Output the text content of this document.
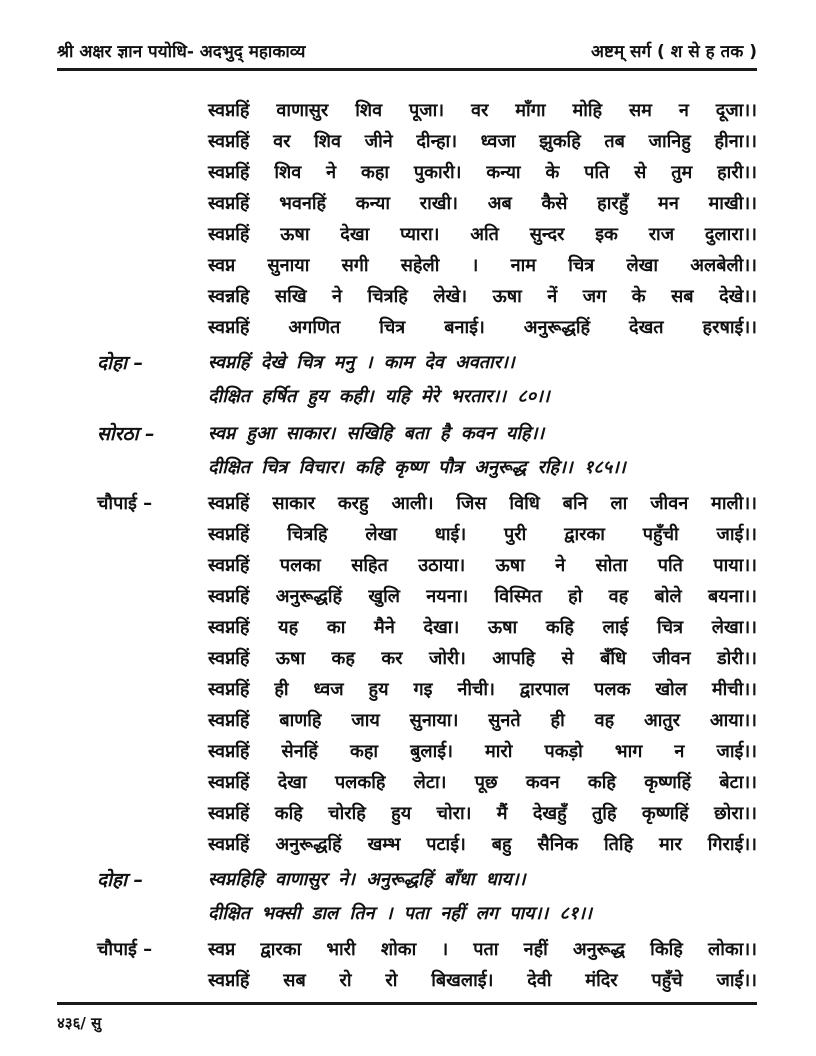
श्री अक्षर ज्ञान पयोधि- अदभुद् महाकाव्य	अष्टम् सर्ग ( श से ह तक )
स्वप्नहिं वाणासुर शिव पूजा। वर माँगा मोहि सम न दूजा।।
स्वप्नहिं वर शिव जीने दीन्हा। ध्वजा झुकहि तब जानिहु हीना।।
स्वप्नहिं शिव ने कहा पुकारी। कन्या के पति से तुम हारी।।
स्वप्नहिं भवनहिं कन्या राखी। अब कैसे हारहुँ मन माखी।।
स्वप्नहिं ऊषा देखा प्यारा। अति सुन्दर इक राज दुलारा।।
स्वप्न सुनाया सगी सहेली । नाम चित्र लेखा अलबेली।।
स्वन्नहि सखि ने चित्रहि लेखे। ऊषा नें जग के सब देखे।।
स्वप्नहिं अगणित चित्र बनाई। अनुरूद्धहिं देखत हरषाई।।
दोहा –	स्वप्नहिं देखे चित्र मनु । काम देव अवतार।।
दीक्षित हर्षित हुय कही। यहि मेरे भरतार।। ८०।।
सोरठा –	स्वप्न हुआ साकार। सखिहि बता है कवन यहि।।
दीक्षित चित्र विचार। कहि कृष्ण पौत्र अनुरूद्ध रहि।। १८५।।
चौपाई –	स्वप्नहिं साकार करहु आली। जिस विधि बनि ला जीवन माली।।
स्वप्नहिं चित्रहि लेखा धाई। पुरी द्वारका पहुँची जाई।।
स्वप्नहिं पलका सहित उठाया। ऊषा ने सोता पति पाया।।
स्वप्नहिं अनुरूद्धहिं खुलि नयना। विस्मित हो वह बोले बयना।।
स्वप्नहिं यह का मैने देखा। ऊषा कहि लाई चित्र लेखा।।
स्वप्नहिं ऊषा कह कर जोरी। आपहि से बँधि जीवन डोरी।।
स्वप्नहिं ही ध्वज हुय गइ नीची। द्वारपाल पलक खोल मीची।।
स्वप्नहिं बाणहि जाय सुनाया। सुनते ही वह आतुर आया।।
स्वप्नहिं सेनहिं कहा बुलाई। मारो पकड़ो भाग न जाई।।
स्वप्नहिं देखा पलकहि लेटा। पूछ कवन कहि कृष्णहिं बेटा।।
स्वप्नहिं कहि चोरहि हुय चोरा। मैं देखहुँ तुहि कृष्णहिं छोरा।।
स्वप्नहिं अनुरूद्धहिं खम्भ पटाई। बहु सैनिक तिहि मार गिराई।।
दोहा –	स्वप्नहिहि वाणासुर ने। अनुरूद्धहिं बाँधा धाय।।
दीक्षित भक्सी डाल तिन । पता नहीं लग पाय।। ८१।।
चौपाई –	स्वप्न द्वारका भारी शोका । पता नहीं अनुरूद्ध किहि लोका।।
स्वप्नहिं सब रो रो बिखलाई। देवी मंदिर पहुँचे जाई।।
४३६/ सु
